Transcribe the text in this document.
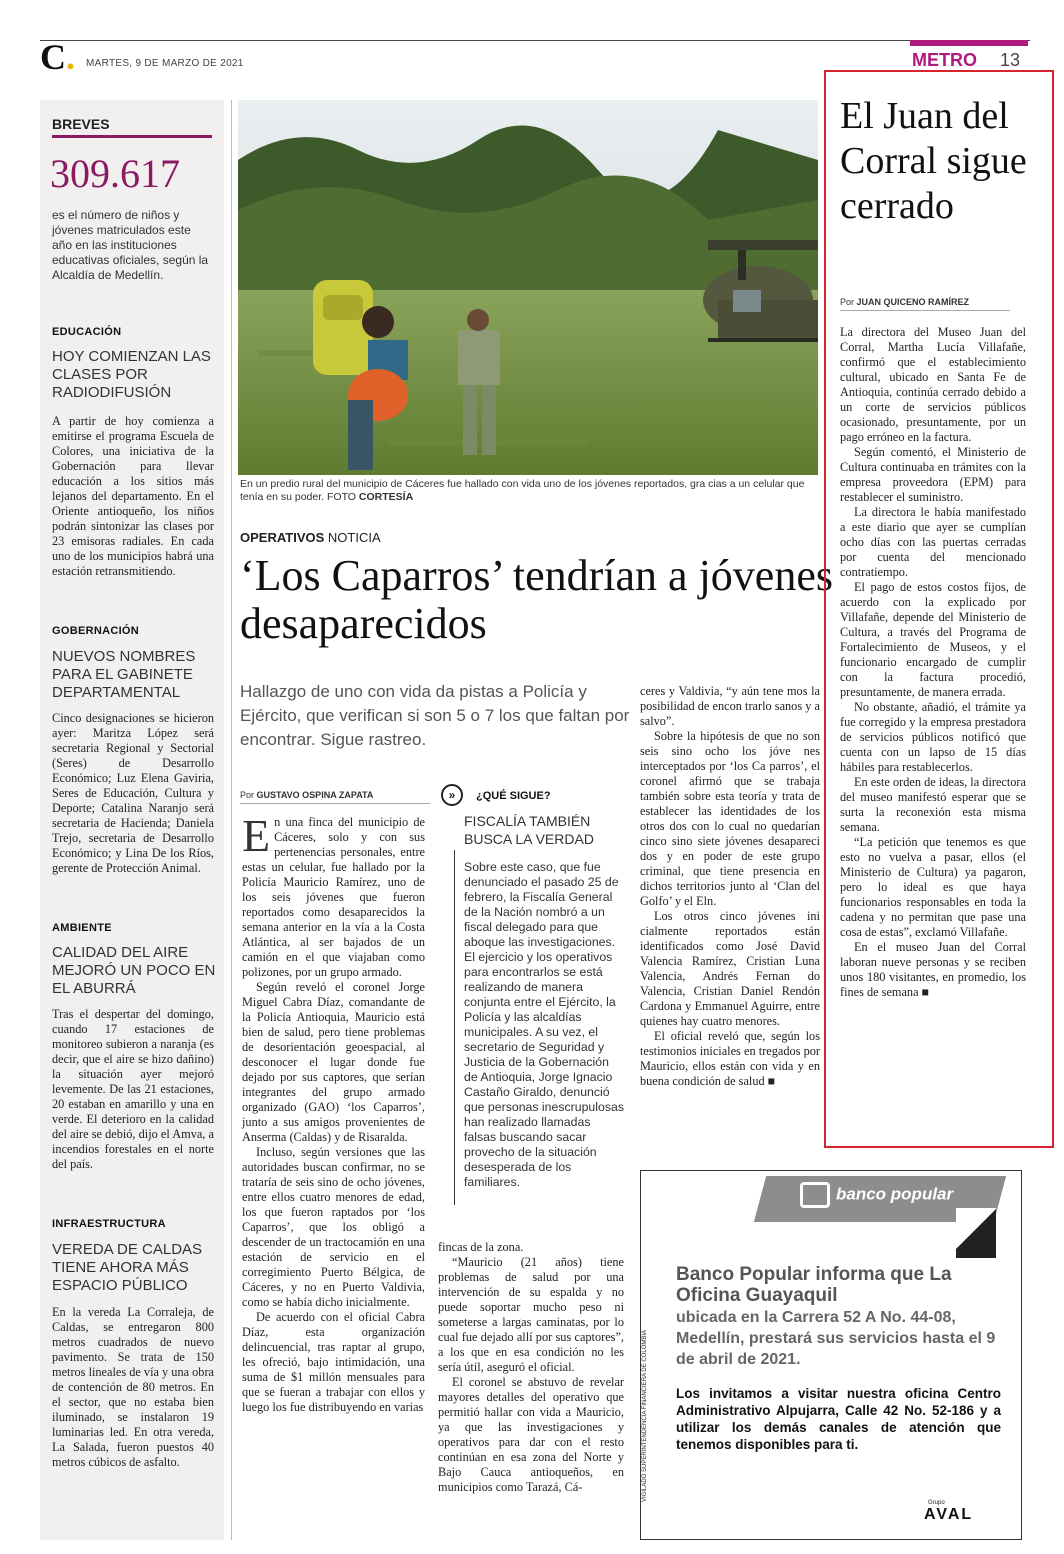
C. MARTES, 9 DE MARZO DE 2021	METRO 13
BREVES
309.617
es el número de niños y jóvenes matriculados este año en las instituciones educativas oficiales, según la Alcaldía de Medellín.
EDUCACIÓN
HOY COMIENZAN LAS CLASES POR RADIODIFUSIÓN
A partir de hoy comienza a emitirse el programa Escuela de Colores, una iniciativa de la Gobernación para llevar educación a los sitios más lejanos del departamento. En el Oriente antioqueño, los niños podrán sintonizar las clases por 23 emisoras radiales. En cada uno de los municipios habrá una estación retransmitiendo.
GOBERNACIÓN
NUEVOS NOMBRES PARA EL GABINETE DEPARTAMENTAL
Cinco designaciones se hicieron ayer: Maritza López será secretaria Regional y Sectorial (Seres) de Desarrollo Económico; Luz Elena Gaviria, Seres de Educación, Cultura y Deporte; Catalina Naranjo será secretaria de Hacienda; Daniela Trejo, secretaria de Desarrollo Económico; y Lina De los Ríos, gerente de Protección Animal.
AMBIENTE
CALIDAD DEL AIRE MEJORÓ UN POCO EN EL ABURRÁ
Tras el despertar del domingo, cuando 17 estaciones de monitoreo subieron a naranja (es decir, que el aire se hizo dañino) la situación ayer mejoró levemente. De las 21 estaciones, 20 estaban en amarillo y una en verde. El deterioro en la calidad del aire se debió, dijo el Amva, a incendios forestales en el norte del país.
INFRAESTRUCTURA
VEREDA DE CALDAS TIENE AHORA MÁS ESPACIO PÚBLICO
En la vereda La Corraleja, de Caldas, se entregaron 800 metros cuadrados de nuevo pavimento. Se trata de 150 metros lineales de vía y una obra de contención de 80 metros. En el sector, que no estaba bien iluminado, se instalaron 19 luminarias led. En otra vereda, La Salada, fueron puestos 40 metros cúbicos de asfalto.
En un predio rural del municipio de Cáceres fue hallado con vida uno de los jóvenes reportados, gra cias a un celular que tenía en su poder. FOTO CORTESÍA
OPERATIVOS NOTICIA
‘Los Caparros’ tendrían a jóvenes desaparecidos
Hallazgo de uno con vida da pistas a Policía y Ejército, que verifican si son 5 o 7 los que faltan por encontrar. Sigue rastreo.
Por GUSTAVO OSPINA ZAPATA

En una finca del municipio de Cáceres, solo y con sus pertenencias personales, entre estas un celular, fue hallado por la Policía Mauricio Ramírez, uno de los seis jóvenes que fueron reportados como desaparecidos la semana anterior en la vía a la Costa Atlántica, al ser bajados de un camión en el que viajaban como polizones, por un grupo armado.

Según reveló el coronel Jorge Miguel Cabra Díaz, comandante de la Policía Antioquia, Mauricio está bien de salud, pero tiene problemas de desorientación geoespacial, al desconocer el lugar donde fue dejado por sus captores, que serían integrantes del grupo armado organizado (GAO) ‘los Caparros’, junto a sus amigos provenientes de Anserma (Caldas) y de Risaralda.

Incluso, según versiones que las autoridades buscan confirmar, no se trataría de seis sino de ocho jóvenes, entre ellos cuatro menores de edad, los que fueron raptados por ‘los Caparros’, que los obligó a descender de un tractocamión en una estación de servicio en el corregimiento Puerto Bélgica, de Cáceres, y no en Puerto Valdivia, como se había dicho inicialmente.

De acuerdo con el oficial Cabra Díaz, esta organización delincuencial, tras raptar al grupo, les ofreció, bajo intimidación, una suma de $1 millón mensuales para que se fueran a trabajar con ellos y luego los fue distribuyendo en varias

fincas de la zona.

“Mauricio (21 años) tiene problemas de salud por una intervención de su espalda y no puede soportar mucho peso ni someterse a largas caminatas, por lo cual fue dejado allí por sus captores”, a los que en esa condición no les sería útil, aseguró el oficial.

El coronel se abstuvo de revelar mayores detalles del operativo que permitió hallar con vida a Mauricio, ya que las investigaciones y operativos para dar con el resto continúan en esa zona del Norte y Bajo Cauca antioqueños, en municipios como Tarazá, Cá-

ceres y Valdivia, “y aún tene mos la posibilidad de encon trarlo sanos y a salvo”.

Sobre la hipótesis de que no son seis sino ocho los jóve nes interceptados por ‘los Ca parros’, el coronel afirmó que se trabaja también sobre esta teoría y trata de establecer las identidades de los otros dos con lo cual no quedarían cinco sino siete jóvenes desapareci dos y en poder de este grupo criminal, que tiene presencia en dichos territorios junto al ‘Clan del Golfo’ y el Eln.

Los otros cinco jóvenes ini cialmente reportados están identificados como José David Valencia Ramírez, Cristian Luna Valencia, Andrés Fernan do Valencia, Cristian Daniel Rendón Cardona y Emmanuel Aguirre, entre quienes hay cuatro menores.

El oficial reveló que, según los testimonios iniciales en tregados por Mauricio, ellos están con vida y en buena condición de salud ■

»	¿QUÉ SIGUE?
FISCALÍA TAMBIÉN BUSCA LA VERDAD
Sobre este caso, que fue denunciado el pasado 25 de febrero, la Fiscalía General de la Nación nombró a un fiscal delegado para que aboque las investigaciones. El ejercicio y los operativos para encontrarlos se está realizando de manera conjunta entre el Ejército, la Policía y las alcaldías municipales. A su vez, el secretario de Seguridad y Justicia de la Gobernación de Antioquia, Jorge Ignacio Castaño Giraldo, denunció que personas inescrupulosas han realizado llamadas falsas buscando sacar provecho de la situación desesperada de los familiares.
El Juan del Corral sigue cerrado
Por JUAN QUICENO RAMÍREZ

La directora del Museo Juan del Corral, Martha Lucía Villafañe, confirmó que el establecimiento cultural, ubicado en Santa Fe de Antioquia, continúa cerrado debido a un corte de servicios públicos ocasionado, presuntamente, por un pago erróneo en la factura.

Según comentó, el Ministerio de Cultura continuaba en trámites con la empresa proveedora (EPM) para restablecer el suministro.

La directora le había manifestado a este diario que ayer se cumplían ocho días con las puertas cerradas por cuenta del mencionado contratiempo.

El pago de estos costos fijos, de acuerdo con la explicado por Villafañe, depende del Ministerio de Cultura, a través del Programa de Fortalecimiento de Museos, y el funcionario encargado de cumplir con la factura procedió, presuntamente, de manera errada.

No obstante, añadió, el trámite ya fue corregido y la empresa prestadora de servicios públicos notificó que cuenta con un lapso de 15 días hábiles para restablecerlos.

En este orden de ideas, la directora del museo manifestó esperar que se surta la reconexión esta misma semana.

“La petición que tenemos es que esto no vuelva a pasar, ellos (el Ministerio de Cultura) ya pagaron, pero lo ideal es que haya funcionarios responsables en toda la cadena y no permitan que pase una cosa de estas”, exclamó Villafañe.

En el museo Juan del Corral laboran nueve personas y se reciben unos 180 visitantes, en promedio, los fines de semana ■

banco popular
Banco Popular informa que La Oficina Guayaquil
ubicada en la Carrera 52 A No. 44-08, Medellín, prestará sus servicios hasta el 9 de abril de 2021.
Los invitamos a visitar nuestra oficina Centro Administrativo Alpujarra, Calle 42 No. 52-186 y a utilizar los demás canales de atención que tenemos disponibles para ti.
VIGILADO SUPERINTENDENCIA FINANCIERA DE COLOMBIA
Grupo
AVAL
